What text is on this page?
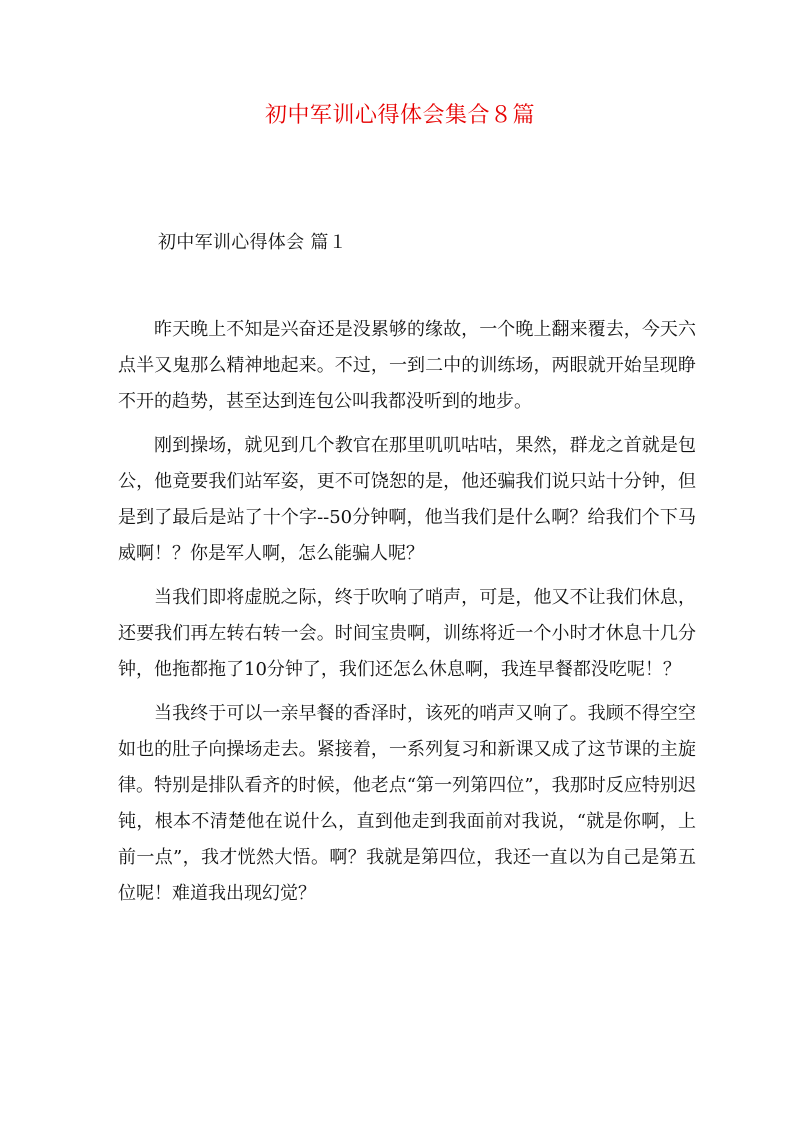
初中军训心得体会集合８篇
初中军训心得体会 篇１

昨天晚上不知是兴奋还是没累够的缘故，一个晚上翻来覆去，今天六点半又鬼那么精神地起来。不过，一到二中的训练场，两眼就开始呈现睁不开的趋势，甚至达到连包公叫我都没听到的地步。

刚到操场，就见到几个教官在那里叽叽咕咕，果然，群龙之首就是包公，他竟要我们站军姿，更不可饶恕的是，他还骗我们说只站十分钟，但是到了最后是站了十个字--50分钟啊，他当我们是什么啊？给我们个下马威啊！？你是军人啊，怎么能骗人呢？

当我们即将虚脱之际，终于吹响了哨声，可是，他又不让我们休息，还要我们再左转右转一会。时间宝贵啊，训练将近一个小时才休息十几分钟，他拖都拖了10分钟了，我们还怎么休息啊，我连早餐都没吃呢！？

当我终于可以一亲早餐的香泽时，该死的哨声又响了。我顾不得空空如也的肚子向操场走去。紧接着，一系列复习和新课又成了这节课的主旋律。特别是排队看齐的时候，他老点“第一列第四位”，我那时反应特别迟钝，根本不清楚他在说什么，直到他走到我面前对我说，“就是你啊，上前一点”，我才恍然大悟。啊？我就是第四位，我还一直以为自己是第五位呢！难道我出现幻觉？
